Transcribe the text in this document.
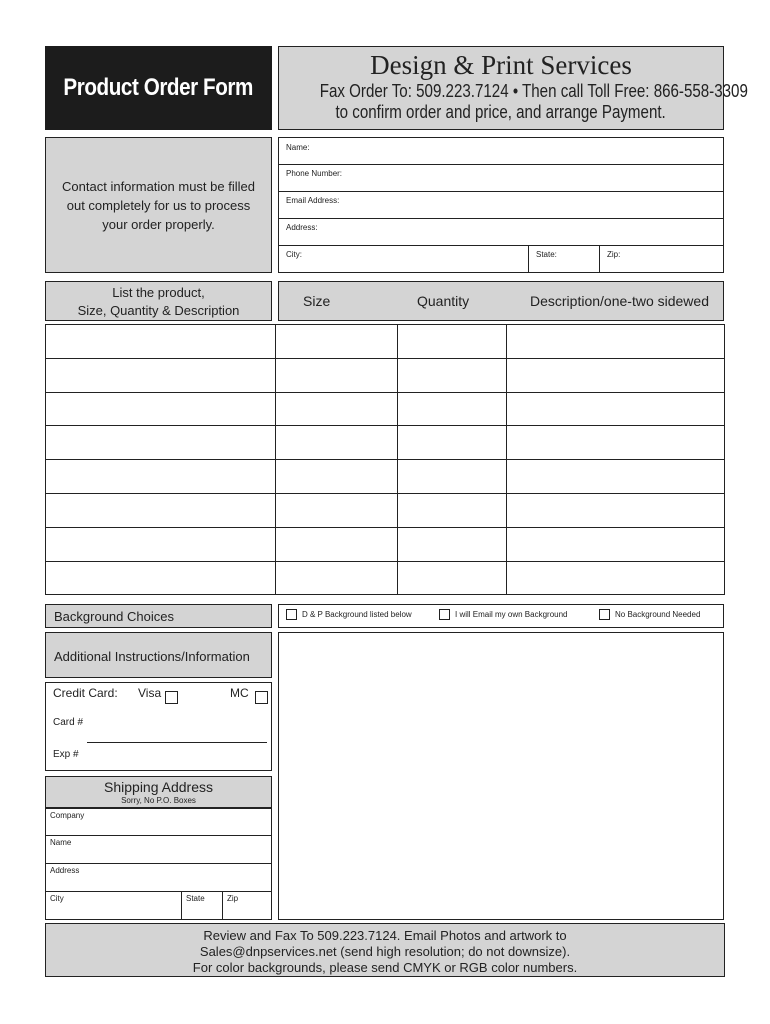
Product Order Form
Design & Print Services
Fax Order To: 509.223.7124 • Then call Toll Free: 866-558-3309
to confirm order and price, and arrange Payment.
Contact information must be filled out completely for us to process your order properly.
Name:
Phone Number:
Email Address:
Address:
City:	State:	Zip:
List the product,
Size, Quantity & Description
Size	Quantity	Description/one-two sidewed

Background Choices	D & P Background listed below	I will Email my own Background	No Background Needed
Additional Instructions/Information
Credit Card: Visa	MC
Card #
Exp #
Shipping Address
Sorry, No P.O. Boxes
Company
Name
Address
City	State	Zip
Review and Fax To 509.223.7124. Email Photos and artwork to
Sales@dnpservices.net (send high resolution; do not downsize).
For color backgrounds, please send CMYK or RGB color numbers.
